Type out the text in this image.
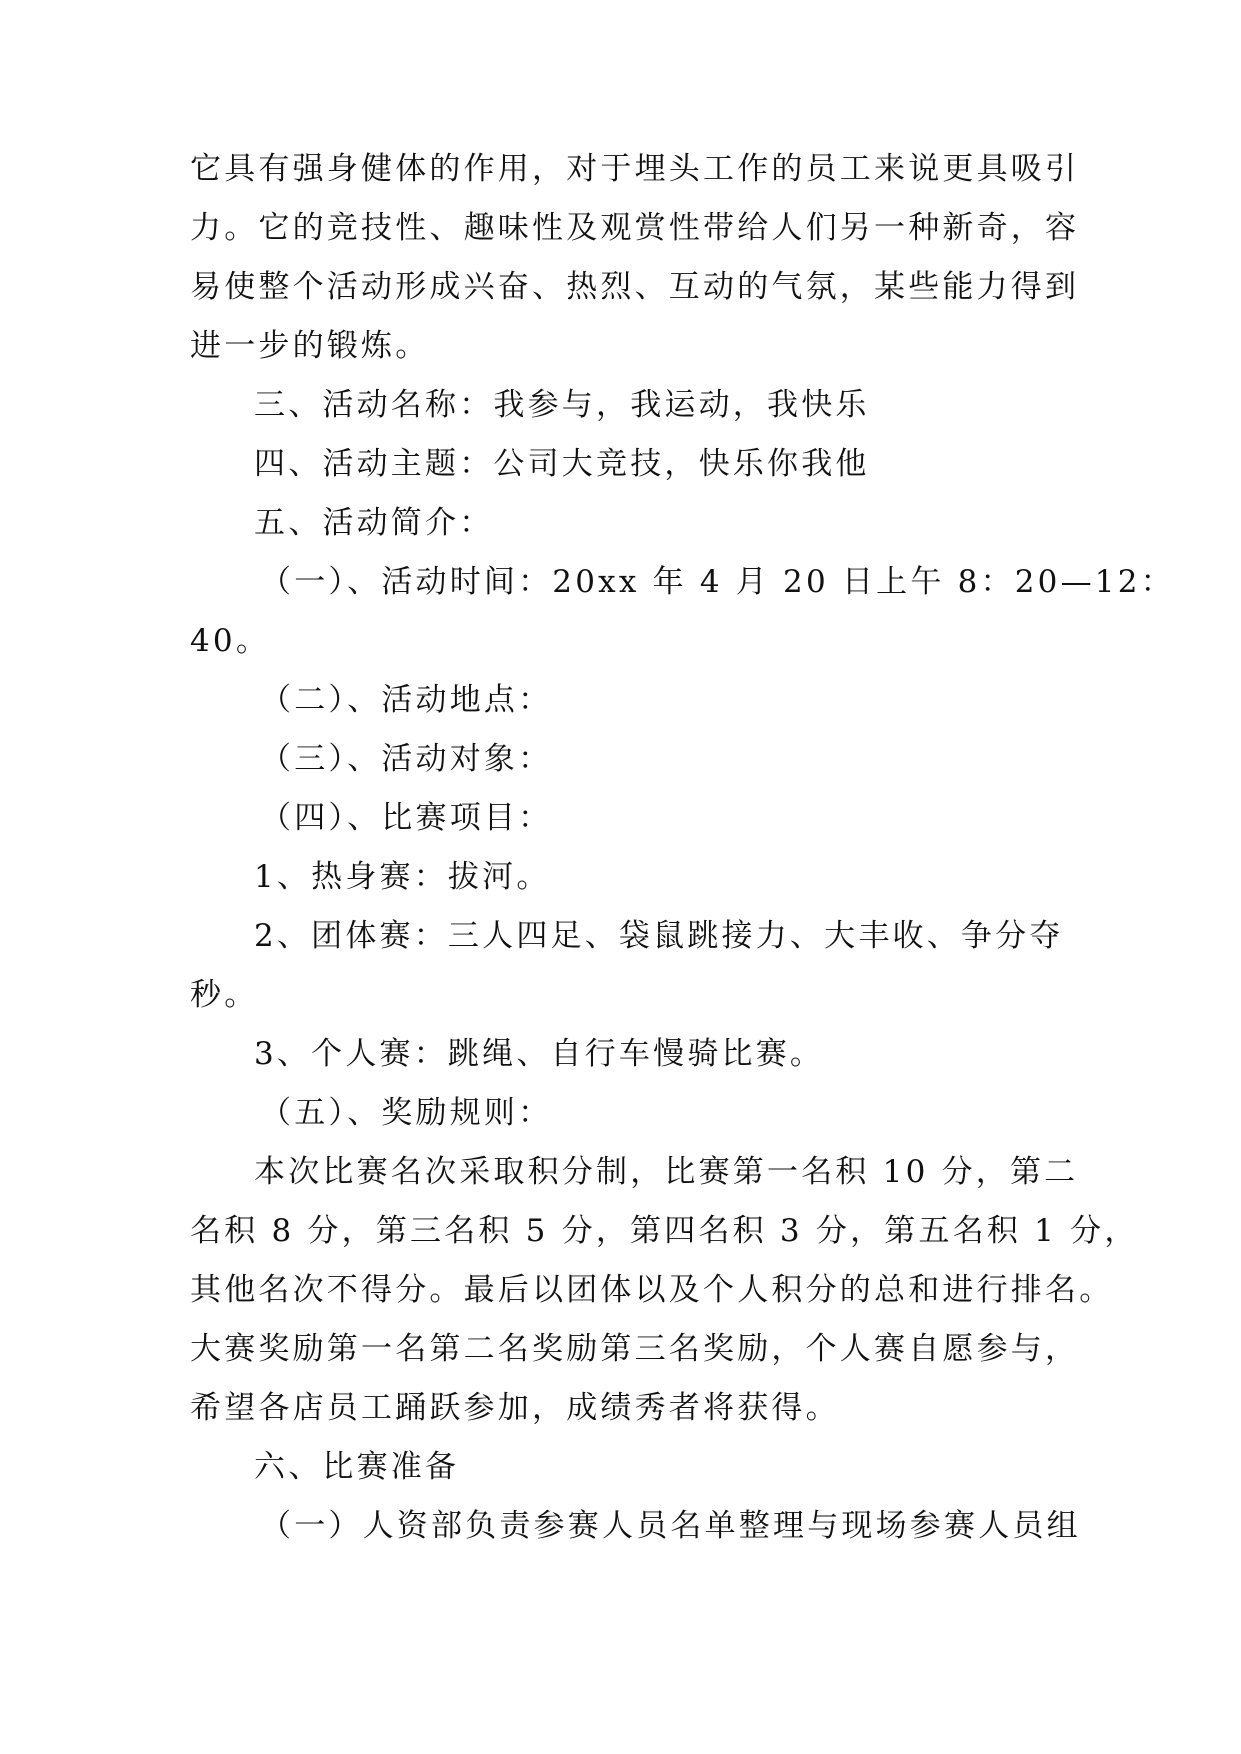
它具有强身健体的作用，对于埋头工作的员工来说更具吸引
力。它的竞技性、趣味性及观赏性带给人们另一种新奇，容
易使整个活动形成兴奋、热烈、互动的气氛，某些能力得到
进一步的锻炼。
三、活动名称：我参与，我运动，我快乐
四、活动主题：公司大竞技，快乐你我他
五、活动简介：
（一）、活动时间：20xx 年 4 月 20 日上午 8：20—12：
40。
（二）、活动地点：
（三）、活动对象：
（四）、比赛项目：
1、热身赛：拔河。
2、团体赛：三人四足、袋鼠跳接力、大丰收、争分夺
秒。
3、个人赛：跳绳、自行车慢骑比赛。
（五）、奖励规则：
本次比赛名次采取积分制，比赛第一名积 10 分，第二
名积 8 分，第三名积 5 分，第四名积 3 分，第五名积 1 分，
其他名次不得分。最后以团体以及个人积分的总和进行排名。
大赛奖励第一名第二名奖励第三名奖励，个人赛自愿参与，
希望各店员工踊跃参加，成绩秀者将获得。
六、比赛准备
（一）人资部负责参赛人员名单整理与现场参赛人员组
